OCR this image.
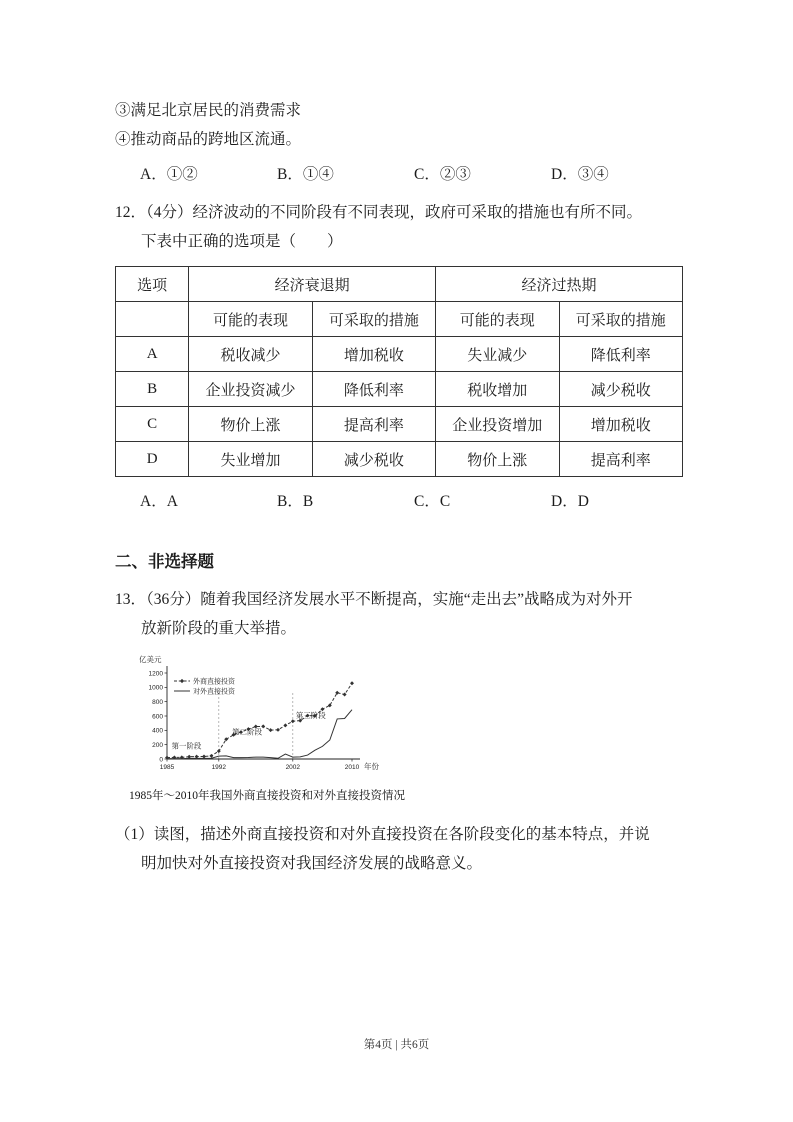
③满足北京居民的消费需求

④推动商品的跨地区流通。

A．①②	B．①④	C．②③	D．③④

12．（4分）经济波动的不同阶段有不同表现，政府可采取的措施也有所不同。

下表中正确的选项是（　　）

选项	经济衰退期		经济过热期	
	可能的表现	可采取的措施	可能的表现	可采取的措施
A	税收减少	增加税收	失业减少	降低利率
B	企业投资减少	降低利率	税收增加	减少税收
C	物价上涨	提高利率	企业投资增加	增加税收
D	失业增加	减少税收	物价上涨	提高利率
A．A	B．B	C．C	D．D

二、非选择题

13．（36分）随着我国经济发展水平不断提高，实施“走出去”战略成为对外开

放新阶段的重大举措。

0
200
400
600
800
1000
1200
1985	1992	2002	2010
外商直接投资
对外直接投资
亿美元
年份
第一阶段
第二阶段
第三阶段

1985年～2010年我国外商直接投资和对外直接投资情况

（1）读图，描述外商直接投资和对外直接投资在各阶段变化的基本特点，并说

明加快对外直接投资对我国经济发展的战略意义。

第4页 | 共6页
